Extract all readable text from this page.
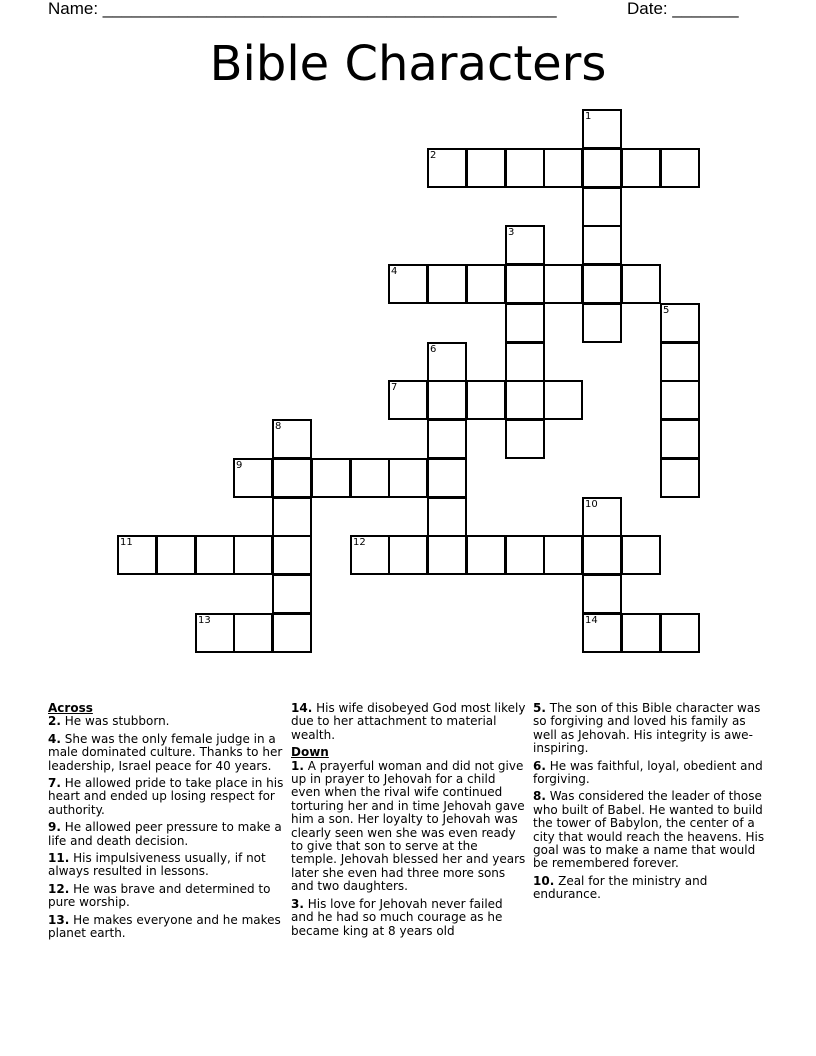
Name: ________________________________________________	Date: _______
Bible Characters
1
2
3
4
5
6
7
8
9
10
11	12
13	14
Across
2. He was stubborn.
4. She was the only female judge in a male dominated culture. Thanks to her leadership, Israel peace for 40 years.
7. He allowed pride to take place in his heart and ended up losing respect for authority.
9. He allowed peer pressure to make a life and death decision.
11. His impulsiveness usually, if not always resulted in lessons.
12. He was brave and determined to pure worship.
13. He makes everyone and he makes planet earth.
14. His wife disobeyed God most likely due to her attachment to material wealth.
Down
1. A prayerful woman and did not give up in prayer to Jehovah for a child even when the rival wife continued torturing her and in time Jehovah gave him a son. Her loyalty to Jehovah was clearly seen wen she was even ready to give that son to serve at the temple. Jehovah blessed her and years later she even had three more sons and two daughters.
3. His love for Jehovah never failed and he had so much courage as he became king at 8 years old
5. The son of this Bible character was so forgiving and loved his family as well as Jehovah. His integrity is awe-inspiring.
6. He was faithful, loyal, obedient and forgiving.
8. Was considered the leader of those who built of Babel. He wanted to build the tower of Babylon, the center of a city that would reach the heavens. His goal was to make a name that would be remembered forever.
10. Zeal for the ministry and endurance.
